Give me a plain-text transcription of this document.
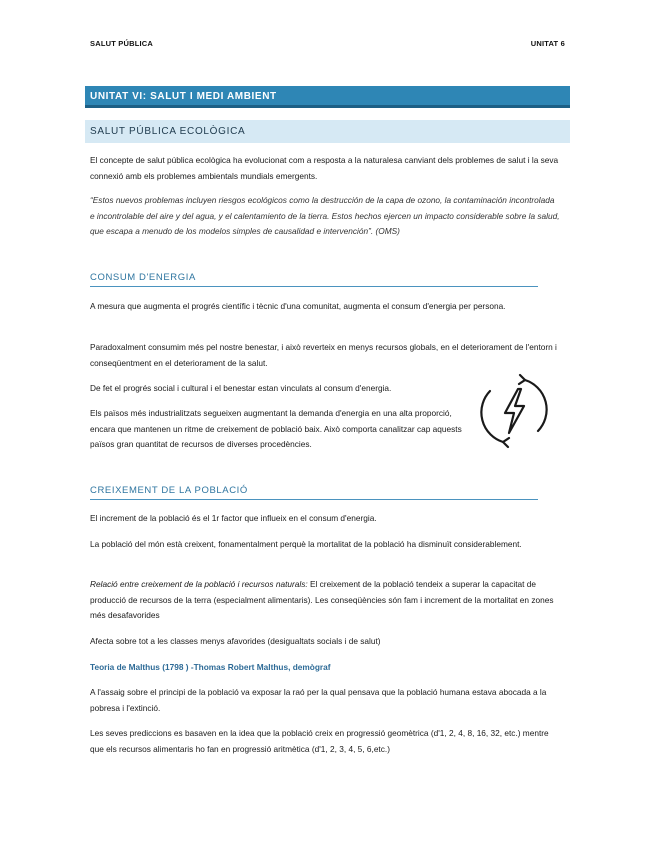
SALUT PÚBLICA	UNITAT 6
UNITAT VI: SALUT I MEDI AMBIENT
SALUT PÚBLICA ECOLÒGICA
El concepte de salut pública ecològica ha evolucionat com a resposta a la naturalesa canviant dels problemes de salut i la seva connexió amb els problemes ambientals mundials emergents.
“Estos nuevos problemas incluyen riesgos ecológicos como la destrucción de la capa de ozono, la contaminación incontrolada e incontrolable del aire y del agua, y el calentamiento de la tierra. Estos hechos ejercen un impacto considerable sobre la salud, que escapa a menudo de los modelos simples de causalidad e intervención”. (OMS)
CONSUM D'ENERGIA
A mesura que augmenta el progrés científic i tècnic d'una comunitat, augmenta el consum d'energia per persona.
Paradoxalment consumim més pel nostre benestar, i això reverteix en menys recursos globals, en el deteriorament de l'entorn i conseqüentment en el deteriorament de la salut.
De fet el progrés social i cultural i el benestar estan vinculats al consum d'energia.
Els països més industrialitzats segueixen augmentant la demanda d'energia en una alta proporció, encara que mantenen un ritme de creixement de població baix. Això comporta canalitzar cap aquests països gran quantitat de recursos de diverses procedències.
CREIXEMENT DE LA POBLACIÓ
El increment de la població és el 1r factor que influeix en el consum d'energia.
La població del món està creixent, fonamentalment perquè la mortalitat de la població ha disminuït considerablement.
Relació entre creixement de la població i recursos naturals: El creixement de la població tendeix a superar la capacitat de producció de recursos de la terra (especialment alimentaris). Les conseqüències són fam i increment de la mortalitat en zones més desafavorides
Afecta sobre tot a les classes menys afavorides (desigualtats socials i de salut)
Teoria de Malthus (1798 ) -Thomas Robert Malthus, demògraf
A l'assaig sobre el principi de la població va exposar la raó per la qual pensava que la població humana estava abocada a la pobresa i l'extinció.
Les seves prediccions es basaven en la idea que la població creix en progressió geomètrica (d'1, 2, 4, 8, 16, 32, etc.) mentre que els recursos alimentaris ho fan en progressió aritmètica (d'1, 2, 3, 4, 5, 6,etc.)
